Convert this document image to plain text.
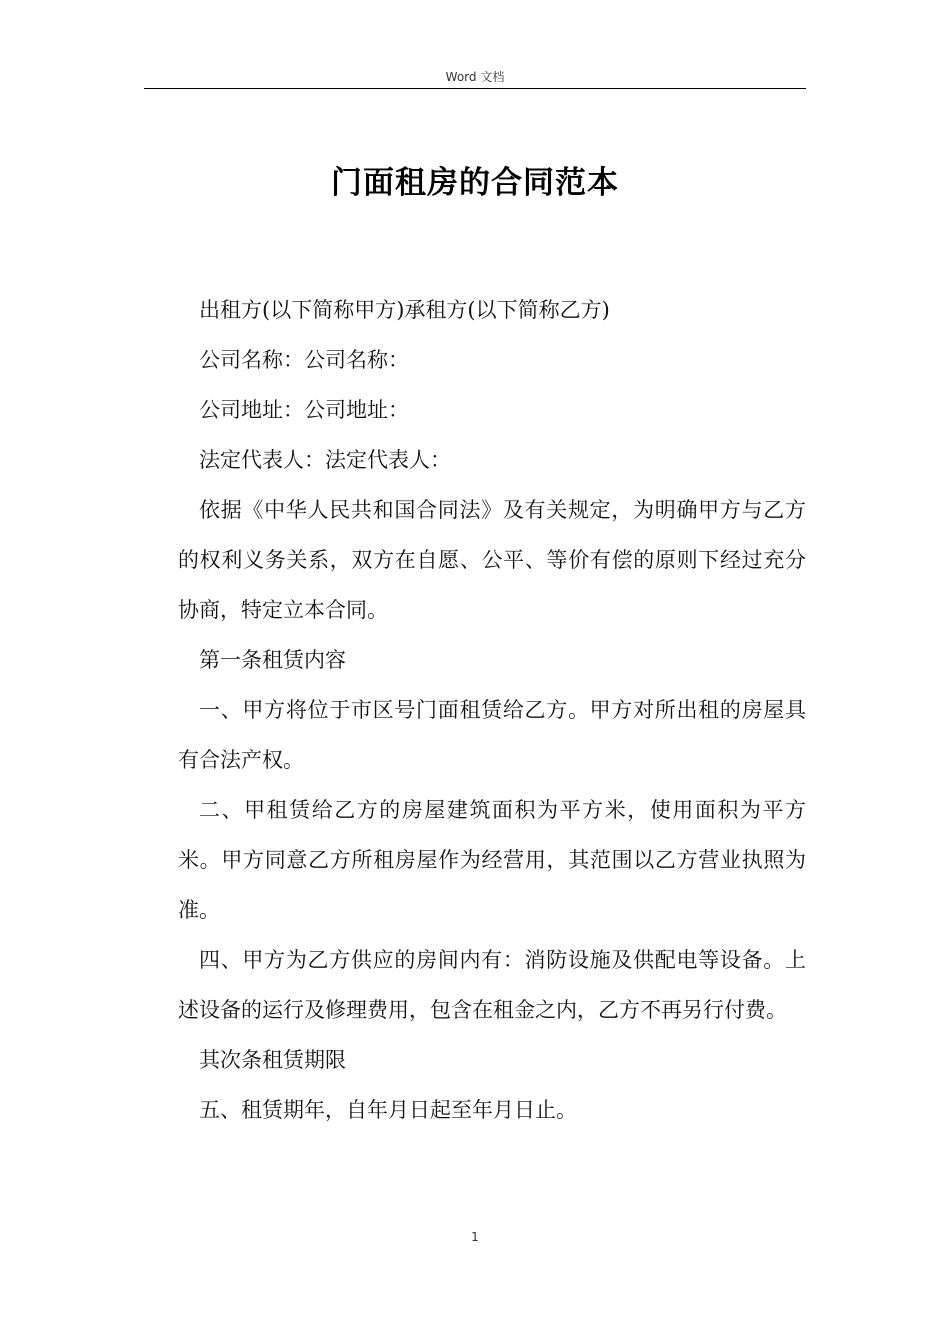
Word 文档
门面租房的合同范本

出租方(以下简称甲方)承租方(以下简称乙方)

公司名称：公司名称：

公司地址：公司地址：

法定代表人：法定代表人：

依据《中华人民共和国合同法》及有关规定，为明确甲方与乙方的权利义务关系，双方在自愿、公平、等价有偿的原则下经过充分协商，特定立本合同。

第一条租赁内容

一、甲方将位于市区号门面租赁给乙方。甲方对所出租的房屋具有合法产权。

二、甲租赁给乙方的房屋建筑面积为平方米，使用面积为平方米。甲方同意乙方所租房屋作为经营用，其范围以乙方营业执照为准。

四、甲方为乙方供应的房间内有：消防设施及供配电等设备。上述设备的运行及修理费用，包含在租金之内，乙方不再另行付费。

其次条租赁期限

五、租赁期年，自年月日起至年月日止。

1
